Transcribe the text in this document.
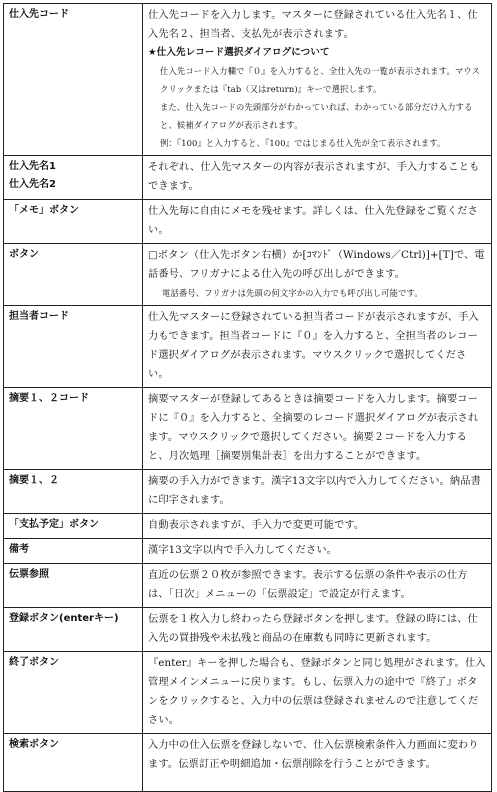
仕入先コード	仕入先コードを入力します。マスターに登録されている仕入先名１、仕入先名２、担当者、支払先が表示されます。

★仕入先レコード選択ダイアログについて

仕入先コード入力欄で『０』を入力すると、全仕入先の一覧が表示されます。マウスクリックまたは『tab（又はreturn)』キーで選択します。

また、仕入先コードの先頭部分がわかっていれば、わかっている部分だけ入力すると、候補ダイアログが表示されます。

例：『100』と入力すると、『100』ではじまる仕入先が全て表示されます。

仕入先名1

仕入先名2	それぞれ、仕入先マスターの内容が表示されますが、手入力することもできます。

「メモ」ボタン	仕入先毎に自由にメモを残せます。詳しくは、仕入先登録をご覧ください。

ボタン	□ボタン（仕入先ボタン右横）か[ｺﾏﾝﾄﾞ（Windows／Ctrl)]+[T]で、電話番号、フリガナによる仕入先の呼び出しができます。

電話番号、フリガナは先頭の何文字かの入力でも呼び出し可能です。

担当者コード	仕入先マスターに登録されている担当者コードが表示されますが、手入力もできます。担当者コードに『０』を入力すると、全担当者のレコード選択ダイアログが表示されます。マウスクリックで選択してください。

摘要１、２コード	摘要マスターが登録してあるときは摘要コードを入力します。摘要コードに『０』を入力すると、全摘要のレコード選択ダイアログが表示されます。マウスクリックで選択してください。摘要２コードを入力すると、月次処理［摘要別集計表］を出力することができます。

摘要１、２	摘要の手入力ができます。漢字13文字以内で入力してください。納品書に印字されます。

「支払予定」ボタン	自動表示されますが、手入力で変更可能です。

備考	漢字13文字以内で手入力してください。

伝票参照	直近の伝票２０枚が参照できます。表示する伝票の条件や表示の仕方は、「日次」メニューの「伝票設定」で設定が行えます。

登録ボタン(enterキー)	伝票を１枚入力し終わったら登録ボタンを押します。登録の時には、仕入先の買掛残や未払残と商品の在庫数も同時に更新されます。

終了ボタン	『enter』キーを押した場合も、登録ボタンと同じ処理がされます。仕入管理メインメニューに戻ります。もし、伝票入力の途中で『終了』ボタンをクリックすると、入力中の伝票は登録されませんので注意してください。

検索ボタン	入力中の仕入伝票を登録しないで、仕入伝票検索条件入力画面に変わります。伝票訂正や明細追加・伝票削除を行うことができます。
